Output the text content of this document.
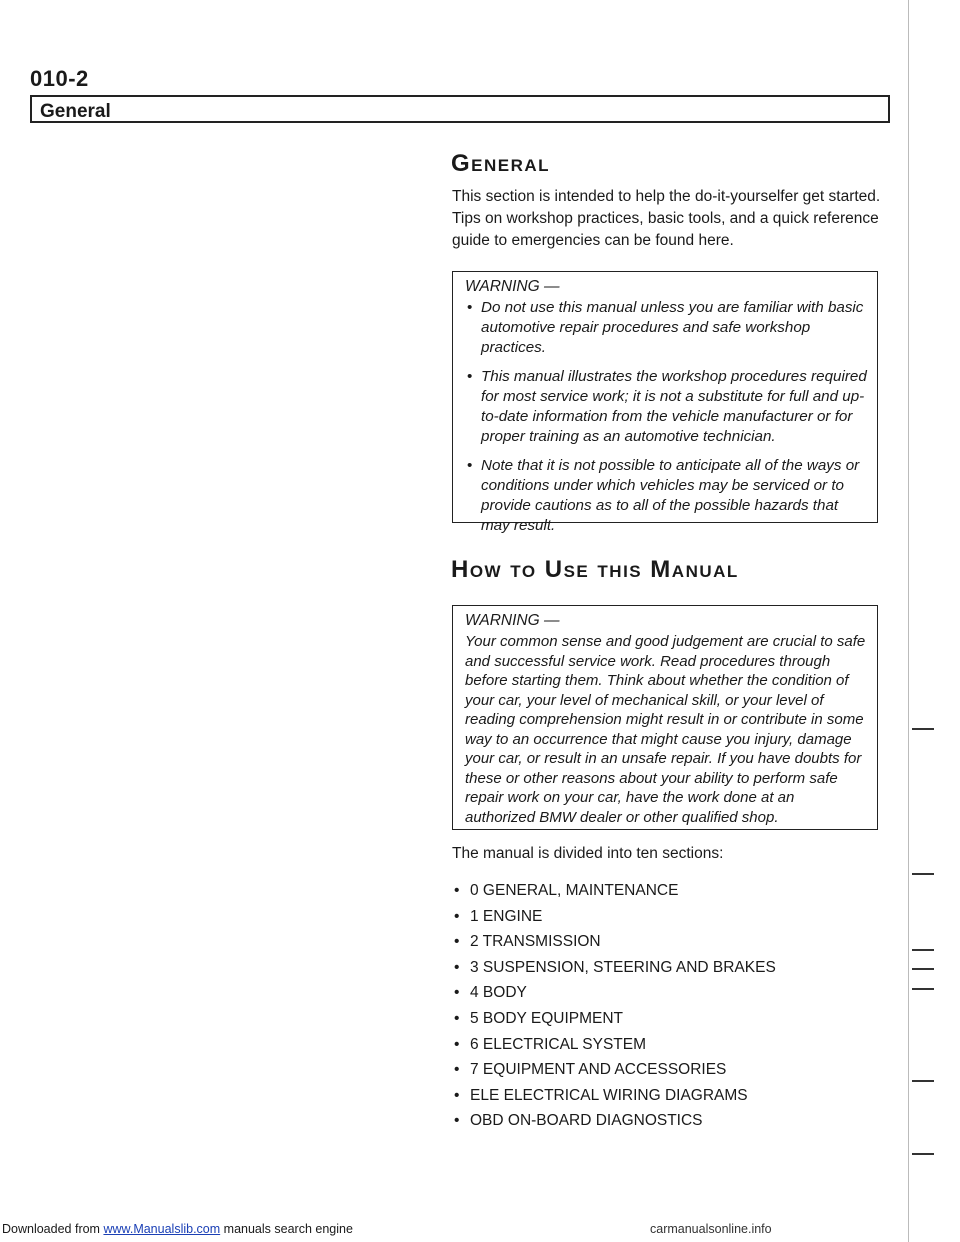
010-2
General
General
This section is intended to help the do-it-yourselfer get started. Tips on workshop practices, basic tools, and a quick reference guide to emergencies can be found here.
WARNING —
• Do not use this manual unless you are familiar with basic automotive repair procedures and safe workshop practices.
• This manual illustrates the workshop procedures required for most service work; it is not a substitute for full and up-to-date information from the vehicle manufacturer or for proper training as an automotive technician.
• Note that it is not possible to anticipate all of the ways or conditions under which vehicles may be serviced or to provide cautions as to all of the possible hazards that may result.
How to Use this Manual
WARNING —
Your common sense and good judgement are crucial to safe and successful service work. Read procedures through before starting them. Think about whether the condition of your car, your level of mechanical skill, or your level of reading comprehension might result in or contribute in some way to an occurrence that might cause you injury, damage your car, or result in an unsafe repair. If you have doubts for these or other reasons about your ability to perform safe repair work on your car, have the work done at an authorized BMW dealer or other qualified shop.
The manual is divided into ten sections:
• 0 GENERAL, MAINTENANCE
• 1 ENGINE
• 2 TRANSMISSION
• 3 SUSPENSION, STEERING AND BRAKES
• 4 BODY
• 5 BODY EQUIPMENT
• 6 ELECTRICAL SYSTEM
• 7 EQUIPMENT AND ACCESSORIES
• ELE ELECTRICAL WIRING DIAGRAMS
• OBD ON-BOARD DIAGNOSTICS
Downloaded from www.Manualslib.com manuals search engine	carmanualsonline.info
